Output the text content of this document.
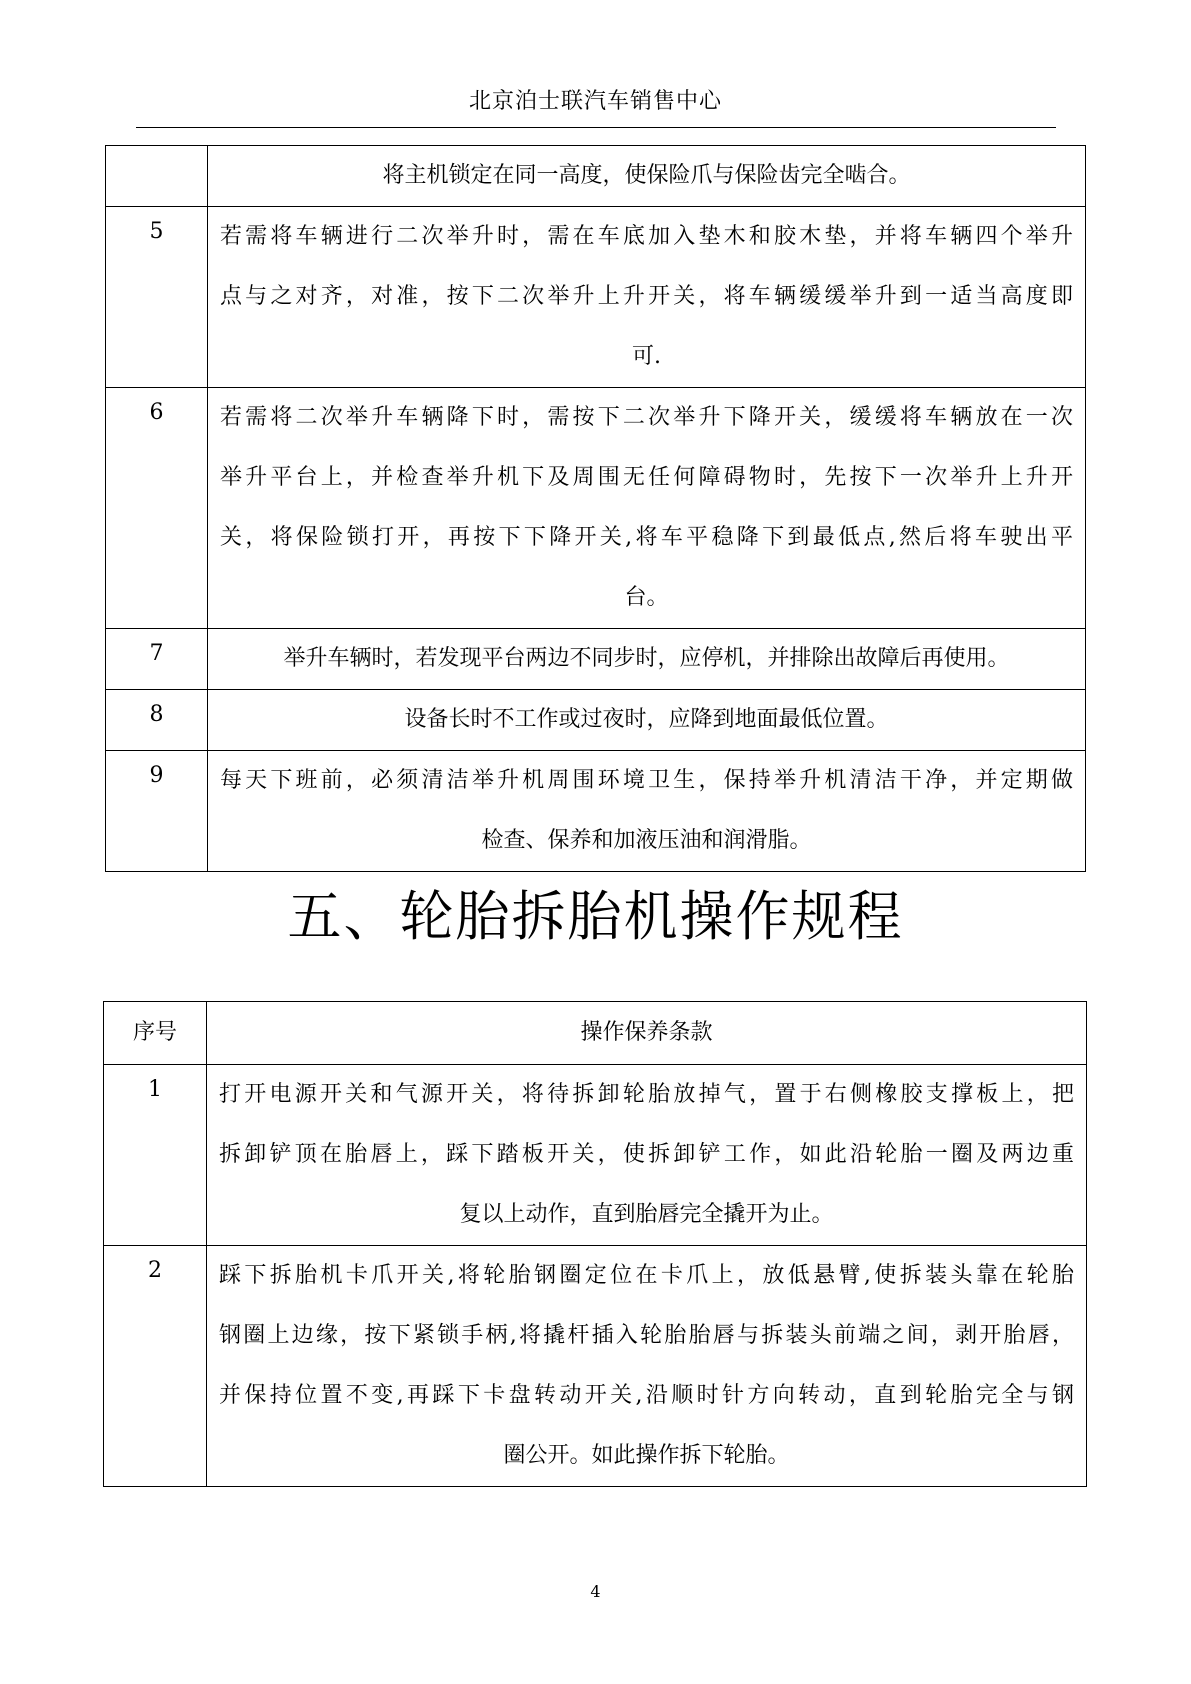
北京泊士联汽车销售中心

	将主机锁定在同一高度，使保险爪与保险齿完全啮合。

5	若需将车辆进行二次举升时，需在车底加入垫木和胶木垫，并将车辆四个举升
点与之对齐，对准，按下二次举升上升开关，将车辆缓缓举升到一适当高度即
可.

6	若需将二次举升车辆降下时，需按下二次举升下降开关，缓缓将车辆放在一次
举升平台上，并检查举升机下及周围无任何障碍物时，先按下一次举升上升开
关，将保险锁打开，再按下下降开关,将车平稳降下到最低点,然后将车驶出平
台。

7	举升车辆时，若发现平台两边不同步时，应停机，并排除出故障后再使用。

8	设备长时不工作或过夜时，应降到地面最低位置。

9	每天下班前，必须清洁举升机周围环境卫生，保持举升机清洁干净，并定期做
检查、保养和加液压油和润滑脂。
五、轮胎拆胎机操作规程
序号	操作保养条款

1	打开电源开关和气源开关，将待拆卸轮胎放掉气，置于右侧橡胶支撑板上，把
拆卸铲顶在胎唇上，踩下踏板开关，使拆卸铲工作，如此沿轮胎一圈及两边重
复以上动作，直到胎唇完全撬开为止。

2	踩下拆胎机卡爪开关,将轮胎钢圈定位在卡爪上，放低悬臂,使拆装头靠在轮胎
钢圈上边缘，按下紧锁手柄,将撬杆插入轮胎胎唇与拆装头前端之间，剥开胎唇，
并保持位置不变,再踩下卡盘转动开关,沿顺时针方向转动，直到轮胎完全与钢
圈公开。如此操作拆下轮胎。
4
